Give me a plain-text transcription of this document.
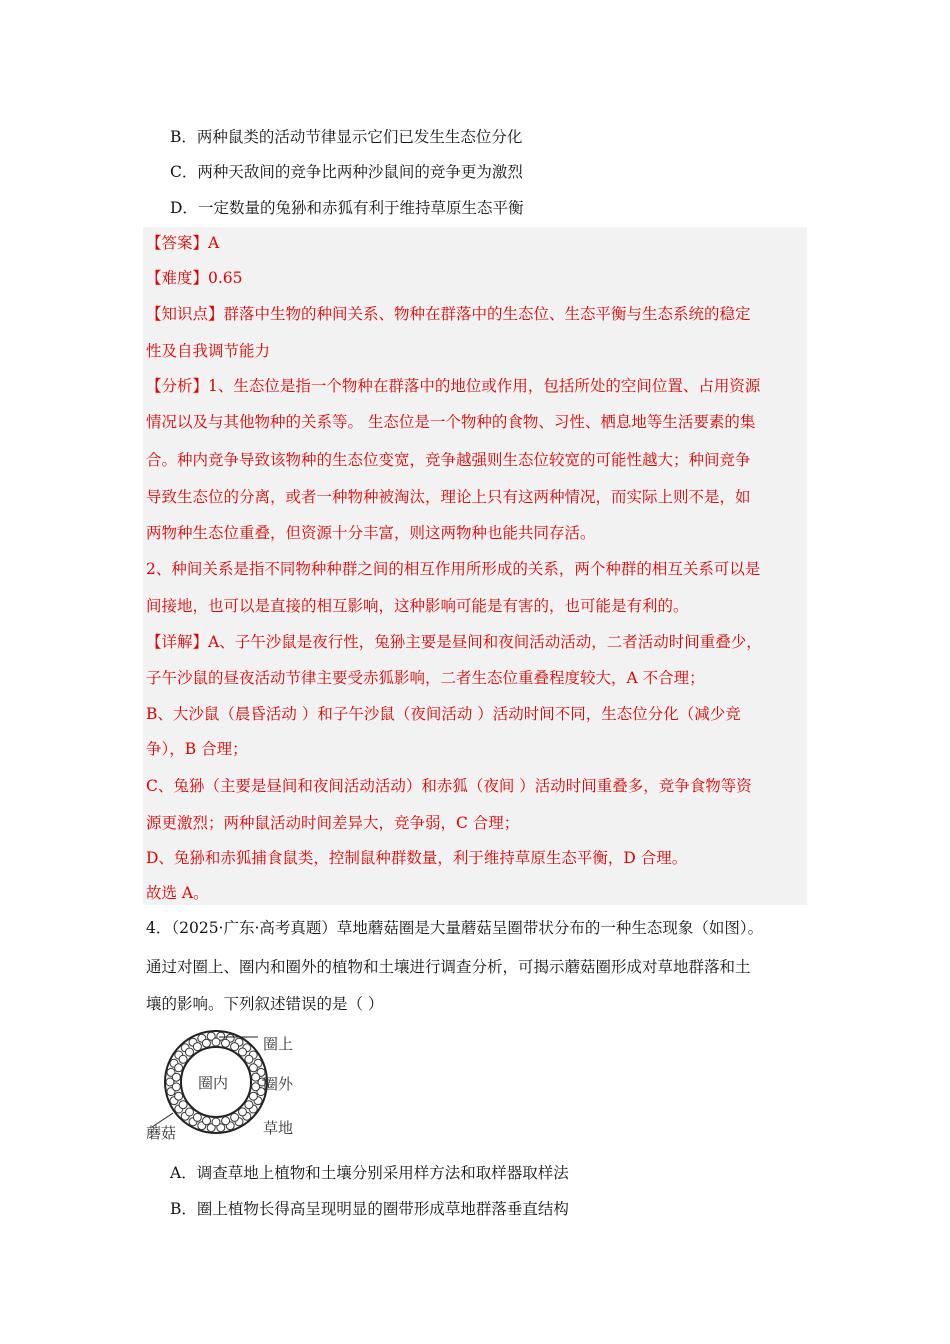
B．两种鼠类的活动节律显示它们已发生生态位分化
C．两种天敌间的竞争比两种沙鼠间的竞争更为激烈
D．一定数量的兔狲和赤狐有利于维持草原生态平衡
【答案】A
【难度】0.65
【知识点】群落中生物的种间关系、物种在群落中的生态位、生态平衡与生态系统的稳定
性及自我调节能力
【分析】1、生态位是指一个物种在群落中的地位或作用，包括所处的空间位置、占用资源
情况以及与其他物种的关系等。 生态位是一个物种的食物、习性、栖息地等生活要素的集
合。种内竞争导致该物种的生态位变宽，竞争越强则生态位较宽的可能性越大；种间竞争
导致生态位的分离，或者一种物种被淘汰，理论上只有这两种情况，而实际上则不是，如
两物种生态位重叠，但资源十分丰富，则这两物种也能共同存活。
2、种间关系是指不同物种种群之间的相互作用所形成的关系，两个种群的相互关系可以是
间接地，也可以是直接的相互影响，这种影响可能是有害的，也可能是有利的。
【详解】A、子午沙鼠是夜行性，兔狲主要是昼间和夜间活动活动，二者活动时间重叠少，
子午沙鼠的昼夜活动节律主要受赤狐影响，二者生态位重叠程度较大，A 不合理；
B、大沙鼠（晨昏活动 ）和子午沙鼠（夜间活动 ）活动时间不同，生态位分化（减少竞
争），B 合理；
C、兔狲（主要是昼间和夜间活动活动）和赤狐（夜间 ）活动时间重叠多，竞争食物等资
源更激烈；两种鼠活动时间差异大，竞争弱，C 合理；
D、兔狲和赤狐捕食鼠类，控制鼠种群数量，利于维持草原生态平衡，D 合理。
故选 A。
4．（2025·广东·高考真题）草地蘑菇圈是大量蘑菇呈圈带状分布的一种生态现象（如图）。
通过对圈上、圈内和圈外的植物和土壤进行调查分析，可揭示蘑菇圈形成对草地群落和土
壤的影响。下列叙述错误的是（ ）
圈上
圈内 圈外
蘑菇	草地
A．调查草地上植物和土壤分别采用样方法和取样器取样法
B．圈上植物长得高呈现明显的圈带形成草地群落垂直结构
